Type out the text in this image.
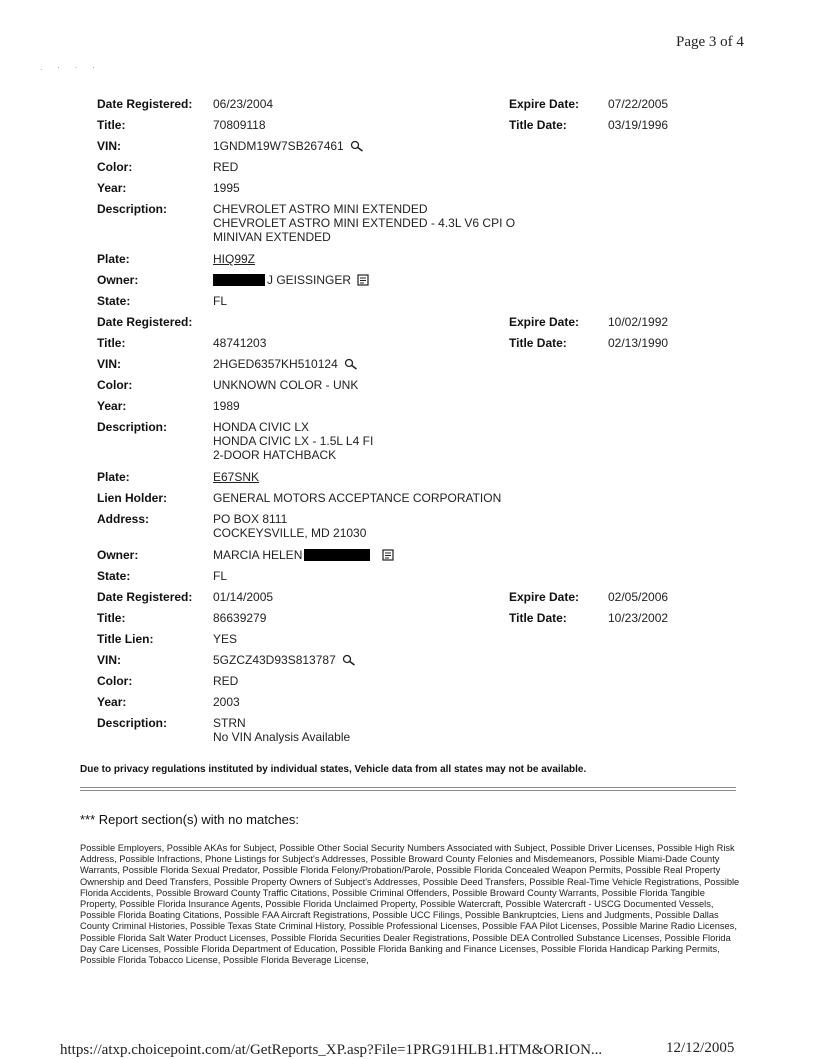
Page 3 of 4
. · · ·
Date Registered: 06/23/2004	Expire Date: 07/22/2005
Title:	70809118	Title Date:	03/19/1996
VIN:	1GNDM19W7SB267461
Color:	RED
Year:	1995
Description:	CHEVROLET ASTRO MINI EXTENDED
CHEVROLET ASTRO MINI EXTENDED - 4.3L V6 CPI O
MINIVAN EXTENDED
Plate:	HIQ99Z
Owner:	J GEISSINGER
State:	FL
Date Registered:	Expire Date: 10/02/1992
Title:	48741203	Title Date:	02/13/1990
VIN:	2HGED6357KH510124
Color:	UNKNOWN COLOR - UNK
Year:	1989
Description:	HONDA CIVIC LX
HONDA CIVIC LX - 1.5L L4 FI
2-DOOR HATCHBACK
Plate:	E67SNK
Lien Holder:	GENERAL MOTORS ACCEPTANCE CORPORATION
Address:	PO BOX 8111
COCKEYSVILLE, MD 21030
Owner:	MARCIA HELEN
State:	FL
Date Registered: 01/14/2005	Expire Date: 02/05/2006
Title:	86639279	Title Date:	10/23/2002
Title Lien:	YES
VIN:	5GZCZ43D93S813787
Color:	RED
Year:	2003
Description:	STRN
No VIN Analysis Available
Due to privacy regulations instituted by individual states, Vehicle data from all states may not be available.
*** Report section(s) with no matches:
Possible Employers, Possible AKAs for Subject, Possible Other Social Security Numbers Associated with Subject, Possible Driver Licenses, Possible High Risk Address, Possible Infractions, Phone Listings for Subject's Addresses, Possible Broward County Felonies and Misdemeanors, Possible Miami-Dade County Warrants, Possible Florida Sexual Predator, Possible Florida Felony/Probation/Parole, Possible Florida Concealed Weapon Permits, Possible Real Property Ownership and Deed Transfers, Possible Property Owners of Subject's Addresses, Possible Deed Transfers, Possible Real-Time Vehicle Registrations, Possible Florida Accidents, Possible Broward County Traffic Citations, Possible Criminal Offenders, Possible Broward County Warrants, Possible Florida Tangible Property, Possible Florida Insurance Agents, Possible Florida Unclaimed Property, Possible Watercraft, Possible Watercraft - USCG Documented Vessels, Possible Florida Boating Citations, Possible FAA Aircraft Registrations, Possible UCC Filings, Possible Bankruptcies, Liens and Judgments, Possible Dallas County Criminal Histories, Possible Texas State Criminal History, Possible Professional Licenses, Possible FAA Pilot Licenses, Possible Marine Radio Licenses, Possible Florida Salt Water Product Licenses, Possible Florida Securities Dealer Registrations, Possible DEA Controlled Substance Licenses, Possible Florida Day Care Licenses, Possible Florida Department of Education, Possible Florida Banking and Finance Licenses, Possible Florida Handicap Parking Permits, Possible Florida Tobacco License, Possible Florida Beverage License,
https://atxp.choicepoint.com/at/GetReports_XP.asp?File=1PRG91HLB1.HTM&ORION...	12/12/2005
